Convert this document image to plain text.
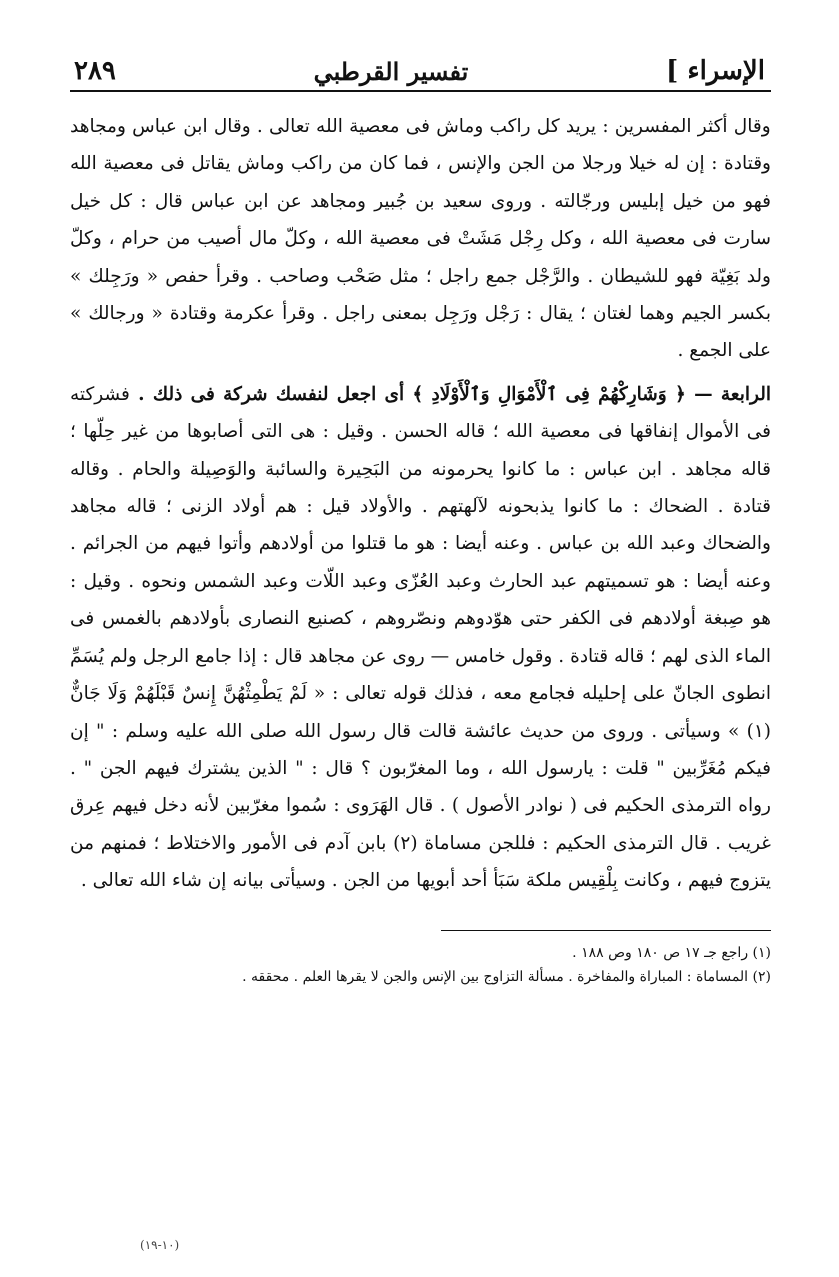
الإسراء ]
تفسير القرطبي
٢٨٩

وقال أكثر المفسرين : يريد كل راكب وماش فى معصية الله تعالى . وقال ابن عباس ومجاهد وقتادة : إن له خيلا ورجلا من الجن والإنس ، فما كان من راكب وماش يقاتل فى معصية الله فهو من خيل إبليس ورجّالته . وروى سعيد بن جُبير ومجاهد عن ابن عباس قال : كل خيل سارت فى معصية الله ، وكل رِجْل مَشَتْ فى معصية الله ، وكلّ مال أصيب من حرام ، وكلّ ولد بَغِيّة فهو للشيطان . والرَّجْل جمع راجل ؛ مثل صَحْب وصاحب . وقرأ حفص « ورَجِلك » بكسر الجيم وهما لغتان ؛ يقال : رَجْل ورَجِل بمعنى راجل . وقرأ عكرمة وقتادة « ورجالك » على الجمع .

الرابعة — ﴿ وَشَارِكْهُمْ فِى ٱلْأَمْوَالِ وَٱلْأَوْلَادِ ﴾ أى اجعل لنفسك شركة فى ذلك . فشركته فى الأموال إنفاقها فى معصية الله ؛ قاله الحسن . وقيل : هى التى أصابوها من غير حِلّها ؛ قاله مجاهد . ابن عباس : ما كانوا يحرمونه من البَحِيرة والسائبة والوَصِيلة والحام . وقاله قتادة . الضحاك : ما كانوا يذبحونه لآلهتهم . والأولاد قيل : هم أولاد الزنى ؛ قاله مجاهد والضحاك وعبد الله بن عباس . وعنه أيضا : هو ما قتلوا من أولادهم وأتوا فيهم من الجرائم . وعنه أيضا : هو تسميتهم عبد الحارث وعبد العُزّى وعبد اللّات وعبد الشمس ونحوه . وقيل : هو صِبغة أولادهم فى الكفر حتى هوّدوهم ونصّروهم ، كصنيع النصارى بأولادهم بالغمس فى الماء الذى لهم ؛ قاله قتادة . وقول خامس — روى عن مجاهد قال : إذا جامع الرجل ولم يُسَمِّ انطوى الجانّ على إحليله فجامع معه ، فذلك قوله تعالى : « لَمْ يَطْمِثْهُنَّ إِنسٌ قَبْلَهُمْ وَلَا جَانٌّ (١) » وسيأتى . وروى من حديث عائشة قالت قال رسول الله صلى الله عليه وسلم : " إن فيكم مُغَرِّبين " قلت : يارسول الله ، وما المغرّبون ؟ قال : " الذين يشترك فيهم الجن " . رواه الترمذى الحكيم فى ( نوادر الأصول ) . قال الهَرَوى : سُموا مغرّبين لأنه دخل فيهم عِرق غريب . قال الترمذى الحكيم : فللجن مساماة (٢) بابن آدم فى الأمور والاختلاط ؛ فمنهم من يتزوج فيهم ، وكانت بِلْقِيس ملكة سَبَأ أحد أبويها من الجن . وسيأتى بيانه إن شاء الله تعالى .

(١) راجع جـ ١٧ ص ١٨٠ وص ١٨٨ . (٢) المساماة : المباراة والمفاخرة . مسألة التزاوج بين الإنس والجن لا يقرها العلم . محققه .
(١٠-١٩)
